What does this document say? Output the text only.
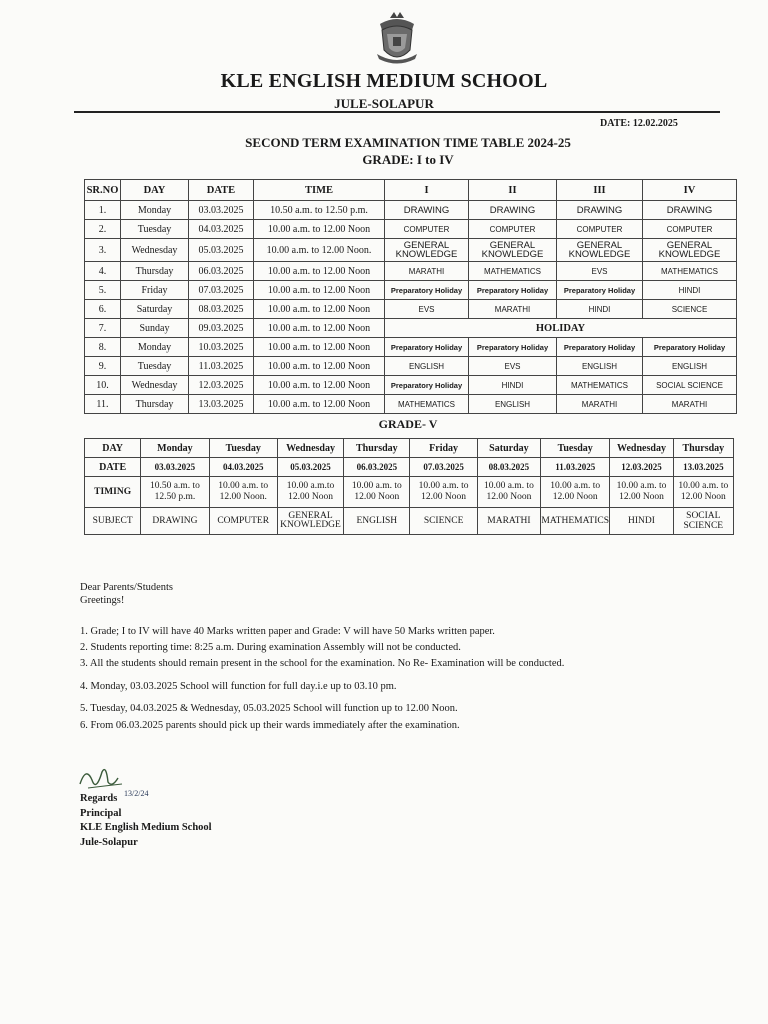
KLE ENGLISH MEDIUM SCHOOL
JULE-SOLAPUR
DATE: 12.02.2025
SECOND TERM EXAMINATION TIME TABLE 2024-25
GRADE: I to IV
SR.NO	DAY	DATE	TIME	I	II	III	IV
1.	Monday	03.03.2025	10.50 a.m. to 12.50 p.m.	DRAWING	DRAWING	DRAWING	DRAWING
2.	Tuesday	04.03.2025	10.00 a.m. to 12.00 Noon	COMPUTER	COMPUTER	COMPUTER	COMPUTER
3.	Wednesday	05.03.2025	10.00 a.m. to 12.00 Noon.	GENERAL KNOWLEDGE	GENERAL KNOWLEDGE	GENERAL KNOWLEDGE	GENERAL KNOWLEDGE
4.	Thursday	06.03.2025	10.00 a.m. to 12.00 Noon	MARATHI	MATHEMATICS	EVS	MATHEMATICS
5.	Friday	07.03.2025	10.00 a.m. to 12.00 Noon	Preparatory Holiday	Preparatory Holiday	Preparatory Holiday	HINDI
6.	Saturday	08.03.2025	10.00 a.m. to 12.00 Noon	EVS	MARATHI	HINDI	SCIENCE
7.	Sunday	09.03.2025	10.00 a.m. to 12.00 Noon	HOLIDAY			
8.	Monday	10.03.2025	10.00 a.m. to 12.00 Noon	Preparatory Holiday	Preparatory Holiday	Preparatory Holiday	Preparatory Holiday
9.	Tuesday	11.03.2025	10.00 a.m. to 12.00 Noon	ENGLISH	EVS	ENGLISH	ENGLISH
10.	Wednesday	12.03.2025	10.00 a.m. to 12.00 Noon	Preparatory Holiday	HINDI	MATHEMATICS	SOCIAL SCIENCE
11.	Thursday	13.03.2025	10.00 a.m. to 12.00 Noon	MATHEMATICS	ENGLISH	MARATHI	MARATHI
GRADE- V
DAY	Monday	Tuesday	Wednesday	Thursday	Friday	Saturday	Tuesday	Wednesday	Thursday
DATE	03.03.2025	04.03.2025	05.03.2025	06.03.2025	07.03.2025	08.03.2025	11.03.2025	12.03.2025	13.03.2025
TIMING	10.50 a.m. to 12.50 p.m.	10.00 a.m. to 12.00 Noon.	10.00 a.m.to 12.00 Noon	10.00 a.m. to 12.00 Noon	10.00 a.m. to 12.00 Noon	10.00 a.m. to 12.00 Noon	10.00 a.m. to 12.00 Noon	10.00 a.m. to 12.00 Noon	10.00 a.m. to 12.00 Noon
SUBJECT	DRAWING	COMPUTER	GENERAL KNOWLEDGE	ENGLISH	SCIENCE	MARATHI	MATHEMATICS	HINDI	SOCIAL SCIENCE
Dear Parents/Students
Greetings!
1. Grade; I to IV will have 40 Marks written paper and Grade: V will have 50 Marks written paper.
2. Students reporting time: 8:25 a.m. During examination Assembly will not be conducted.
3. All the students should remain present in the school for the examination. No Re- Examination will be conducted.
4. Monday, 03.03.2025 School will function for full day.i.e up to 03.10 pm.
5. Tuesday, 04.03.2025 & Wednesday, 05.03.2025 School will function up to 12.00 Noon.
6. From 06.03.2025 parents should pick up their wards immediately after the examination.
13/2/24
Regards
Principal
KLE English Medium School
Jule-Solapur
